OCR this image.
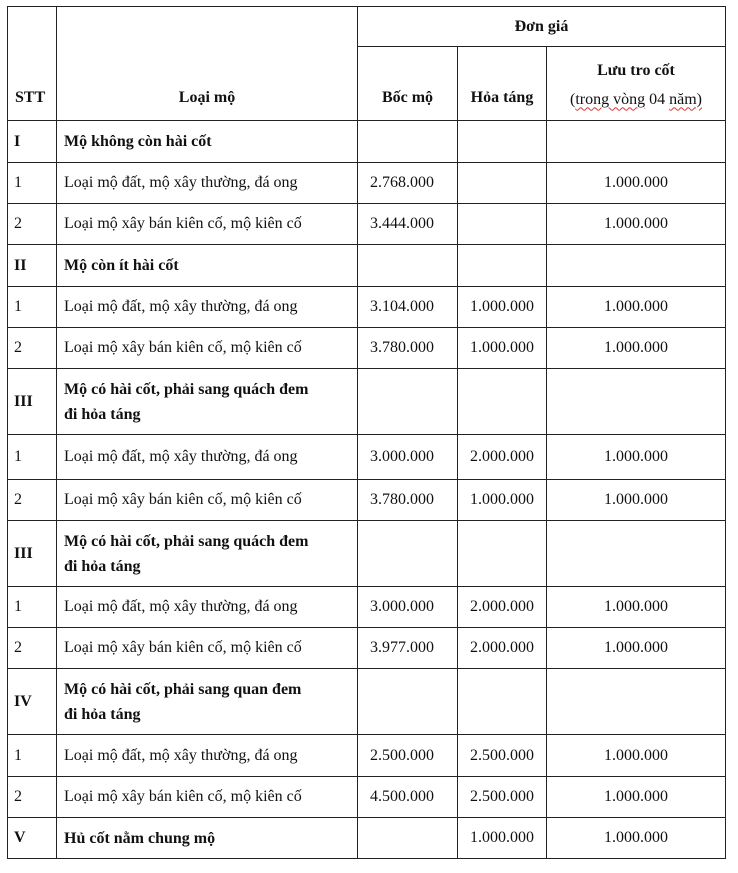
STT	Loại mộ	Đơn giá		
		Bốc mộ	Hỏa táng	Lưu tro cốt
(trong vòng 04 năm)

I	Mộ không còn hài cốt			
1	Loại mộ đất, mộ xây thường, đá ong	2.768.000		1.000.000
2	Loại mộ xây bán kiên cố, mộ kiên cố	3.444.000		1.000.000
II	Mộ còn ít hài cốt			
1	Loại mộ đất, mộ xây thường, đá ong	3.104.000	1.000.000	1.000.000
2	Loại mộ xây bán kiên cố, mộ kiên cố	3.780.000	1.000.000	1.000.000
III	Mộ có hài cốt, phải sang quách đem
đi hỏa táng			

1	Loại mộ đất, mộ xây thường, đá ong	3.000.000	2.000.000	1.000.000
2	Loại mộ xây bán kiên cố, mộ kiên cố	3.780.000	1.000.000	1.000.000
III	Mộ có hài cốt, phải sang quách đem
đi hỏa táng			

1	Loại mộ đất, mộ xây thường, đá ong	3.000.000	2.000.000	1.000.000
2	Loại mộ xây bán kiên cố, mộ kiên cố	3.977.000	2.000.000	1.000.000
IV	Mộ có hài cốt, phải sang quan đem
đi hỏa táng			

1	Loại mộ đất, mộ xây thường, đá ong	2.500.000	2.500.000	1.000.000
2	Loại mộ xây bán kiên cố, mộ kiên cố	4.500.000	2.500.000	1.000.000
V	Hủ cốt nằm chung mộ		1.000.000	1.000.000
